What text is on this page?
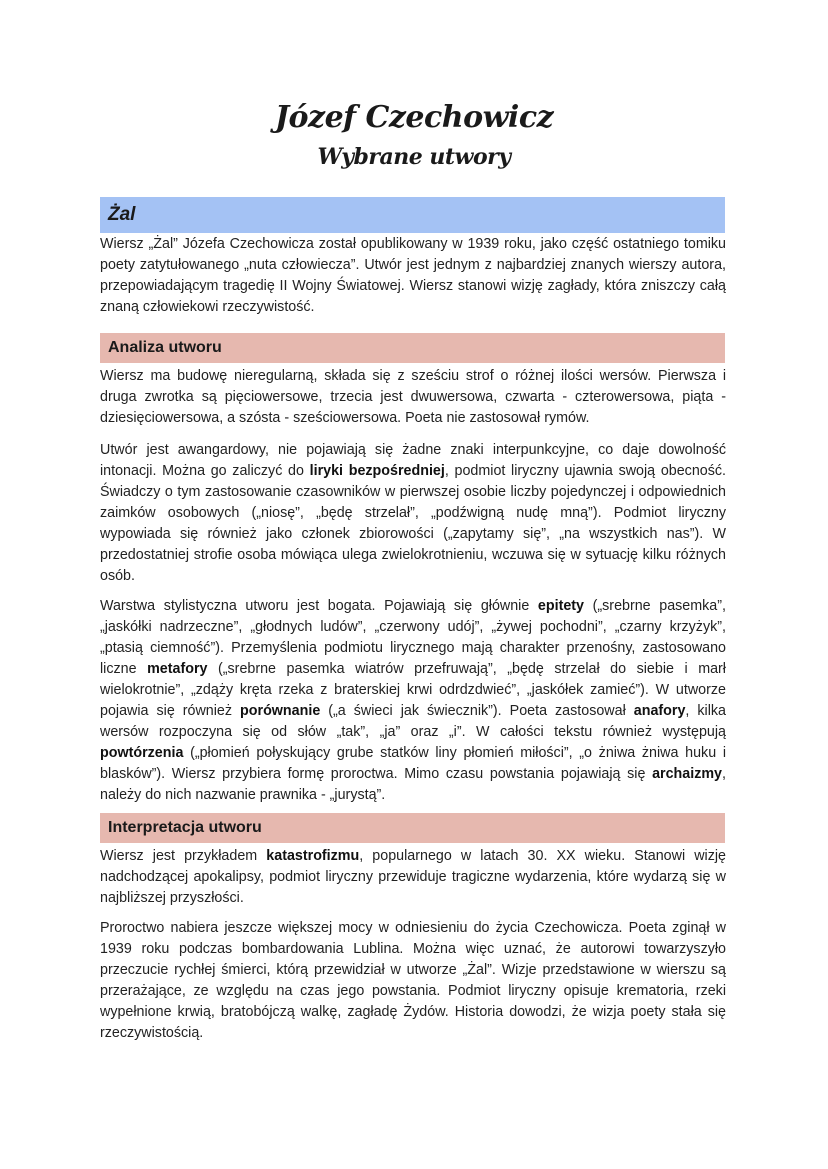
Józef Czechowicz
Wybrane utwory
Żal

Wiersz „Żal” Józefa Czechowicza został opublikowany w 1939 roku, jako część ostatniego tomiku poety zatytułowanego „nuta człowiecza”. Utwór jest jednym z najbardziej znanych wierszy autora, przepowiadającym tragedię II Wojny Światowej. Wiersz stanowi wizję zagłady, która zniszczy całą znaną człowiekowi rzeczywistość.

Analiza utworu

Wiersz ma budowę nieregularną, składa się z sześciu strof o różnej ilości wersów. Pierwsza i druga zwrotka są pięciowersowe, trzecia jest dwuwersowa, czwarta - czterowersowa, piąta - dziesięciowersowa, a szósta - sześciowersowa. Poeta nie zastosował rymów.

Utwór jest awangardowy, nie pojawiają się żadne znaki interpunkcyjne, co daje dowolność intonacji. Można go zaliczyć do liryki bezpośredniej, podmiot liryczny ujawnia swoją obecność. Świadczy o tym zastosowanie czasowników w pierwszej osobie liczby pojedynczej i odpowiednich zaimków osobowych („niosę”, „będę strzelał”, „podźwigną nudę mną”). Podmiot liryczny wypowiada się również jako członek zbiorowości („zapytamy się”, „na wszystkich nas”). W przedostatniej strofie osoba mówiąca ulega zwielokrotnieniu, wczuwa się w sytuację kilku różnych osób.

Warstwa stylistyczna utworu jest bogata. Pojawiają się głównie epitety („srebrne pasemka”, „jaskółki nadrzeczne”, „głodnych ludów”, „czerwony udój”, „żywej pochodni”, „czarny krzyżyk”, „ptasią ciemność”). Przemyślenia podmiotu lirycznego mają charakter przenośny, zastosowano liczne metafory („srebrne pasemka wiatrów przefruwają”, „będę strzelał do siebie i marł wielokrotnie”, „zdąży kręta rzeka z braterskiej krwi odrdzdwieć”, „jaskółek zamieć”). W utworze pojawia się również porównanie („a świeci jak świecznik”). Poeta zastosował anafory, kilka wersów rozpoczyna się od słów „tak”, „ja” oraz „i”. W całości tekstu również występują powtórzenia („płomień połyskujący grube statków liny płomień miłości”, „o żniwa żniwa huku i blasków”). Wiersz przybiera formę proroctwa. Mimo czasu powstania pojawiają się archaizmy, należy do nich nazwanie prawnika - „jurystą”.

Interpretacja utworu

Wiersz jest przykładem katastrofizmu, popularnego w latach 30. XX wieku. Stanowi wizję nadchodzącej apokalipsy, podmiot liryczny przewiduje tragiczne wydarzenia, które wydarzą się w najbliższej przyszłości.

Proroctwo nabiera jeszcze większej mocy w odniesieniu do życia Czechowicza. Poeta zginął w 1939 roku podczas bombardowania Lublina. Można więc uznać, że autorowi towarzyszyło przeczucie rychłej śmierci, którą przewidział w utworze „Żal”. Wizje przedstawione w wierszu są przerażające, ze względu na czas jego powstania. Podmiot liryczny opisuje krematoria, rzeki wypełnione krwią, bratobójczą walkę, zagładę Żydów. Historia dowodzi, że wizja poety stała się rzeczywistością.
